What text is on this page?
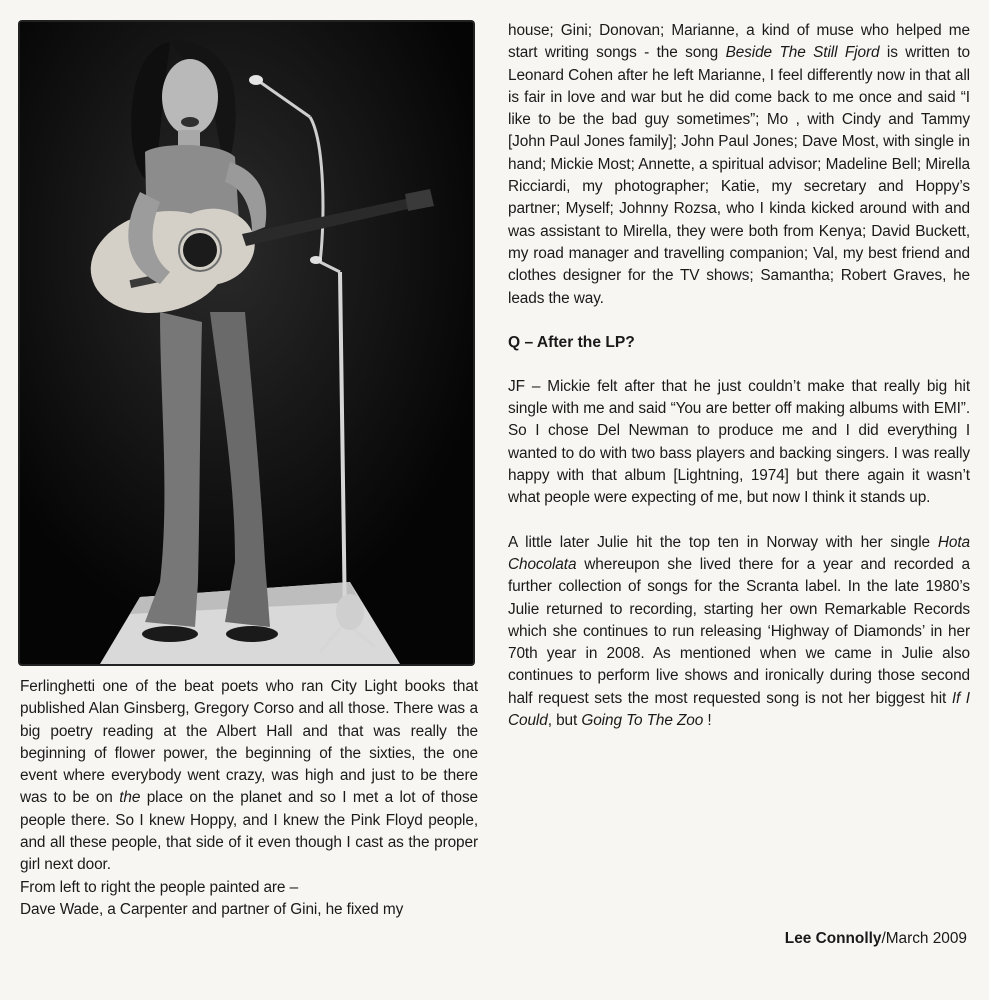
Ferlinghetti one of the beat poets who ran City Light books that published Alan Ginsberg, Gregory Corso and all those. There was a big poetry reading at the Albert Hall and that was really the beginning of flower power, the beginning of the sixties, the one event where everybody went crazy, was high and just to be there was to be on the place on the planet and so I met a lot of those people there. So I knew Hoppy, and I knew the Pink Floyd people, and all these people, that side of it even though I cast as the proper girl next door.

From left to right the people painted are –

Dave Wade, a Carpenter and partner of Gini, he fixed my

house; Gini; Donovan; Marianne, a kind of muse who helped me start writing songs - the song Beside The Still Fjord is written to Leonard Cohen after he left Marianne, I feel differently now in that all is fair in love and war but he did come back to me once and said “I like to be the bad guy sometimes”; Mo , with Cindy and Tammy [John Paul Jones family]; John Paul Jones; Dave Most, with single in hand; Mickie Most; Annette, a spiritual advisor; Madeline Bell; Mirella Ricciardi, my photographer; Katie, my secretary and Hoppy’s partner; Myself; Johnny Rozsa, who I kinda kicked around with and was assistant to Mirella, they were both from Kenya; David Buckett, my road manager and travelling companion; Val, my best friend and clothes designer for the TV shows; Samantha; Robert Graves, he leads the way.

Q – After the LP?

JF – Mickie felt after that he just couldn’t make that really big hit single with me and said “You are better off making albums with EMI”. So I chose Del Newman to produce me and I did everything I wanted to do with two bass players and backing singers. I was really happy with that album [Lightning, 1974] but there again it wasn’t what people were expecting of me, but now I think it stands up.

A little later Julie hit the top ten in Norway with her single Hota Chocolata whereupon she lived there for a year and recorded a further collection of songs for the Scranta label. In the late 1980’s Julie returned to recording, starting her own Remarkable Records which she continues to run releasing ‘Highway of Diamonds’ in her 70th year in 2008. As mentioned when we came in Julie also continues to perform live shows and ironically during those second half request sets the most requested song is not her biggest hit If I Could, but Going To The Zoo !

Lee Connolly/March 2009
